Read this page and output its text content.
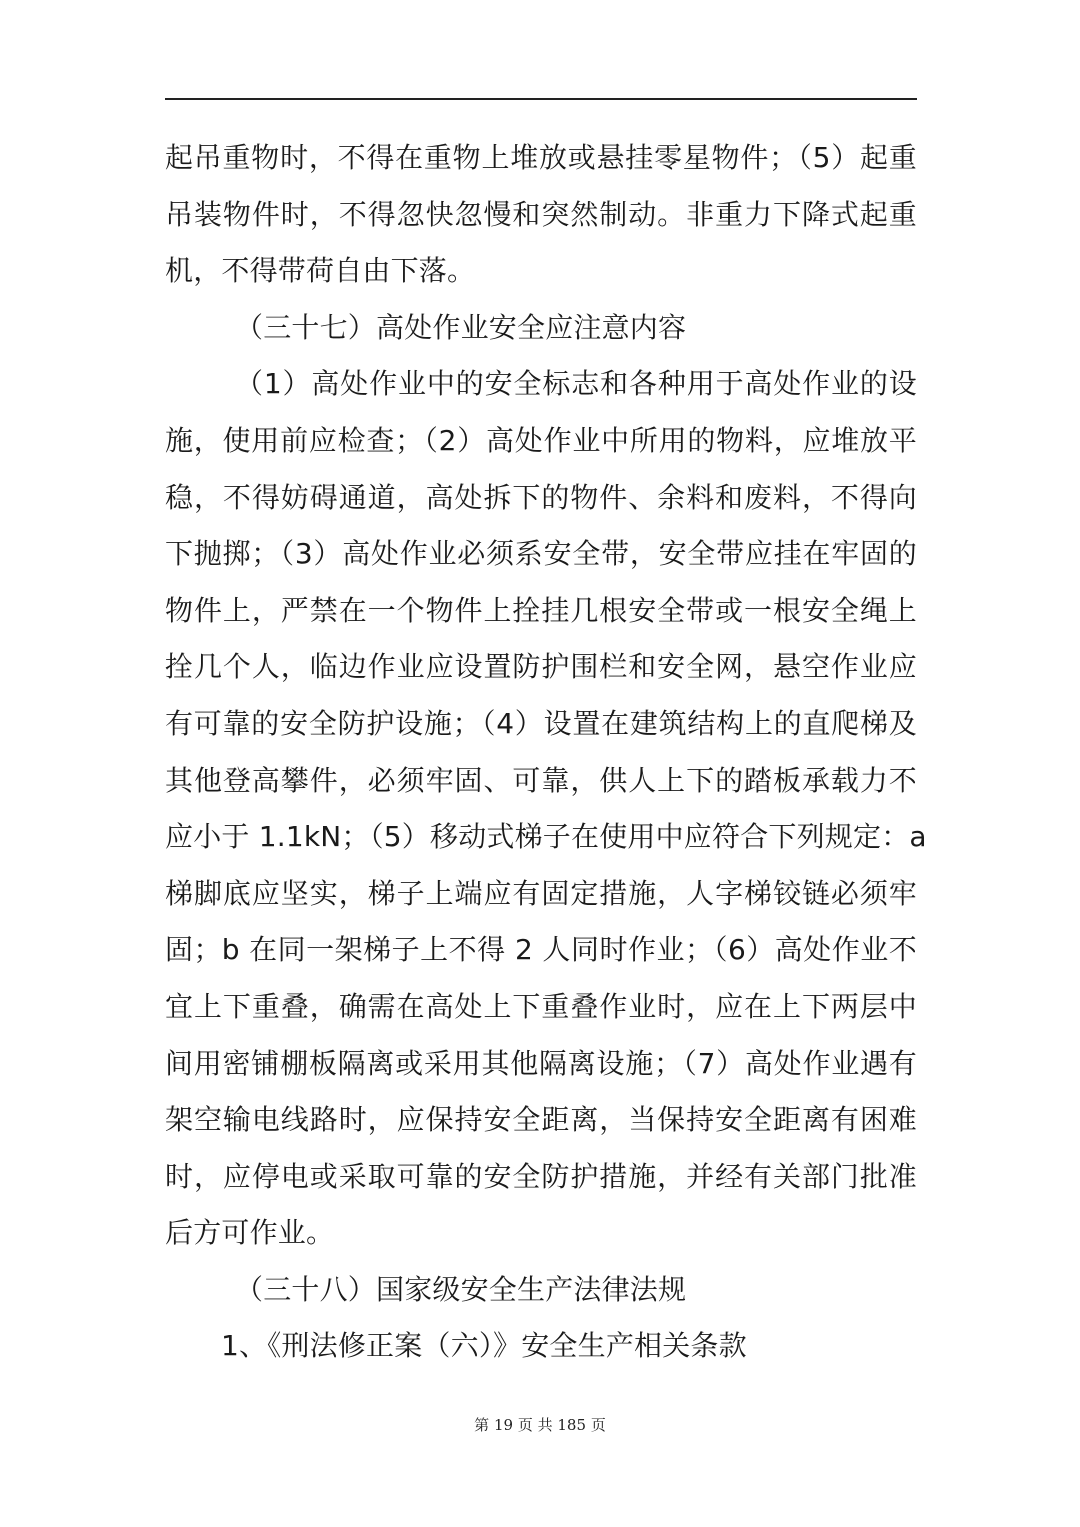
起吊重物时，不得在重物上堆放或悬挂零星物件；（5）起重
吊装物件时，不得忽快忽慢和突然制动。非重力下降式起重
机，不得带荷自由下落。
（三十七）高处作业安全应注意内容
（1）高处作业中的安全标志和各种用于高处作业的设
施，使用前应检查；（2）高处作业中所用的物料，应堆放平
稳，不得妨碍通道，高处拆下的物件、余料和废料，不得向
下抛掷；（3）高处作业必须系安全带，安全带应挂在牢固的
物件上，严禁在一个物件上拴挂几根安全带或一根安全绳上
拴几个人，临边作业应设置防护围栏和安全网，悬空作业应
有可靠的安全防护设施；（4）设置在建筑结构上的直爬梯及
其他登高攀件，必须牢固、可靠，供人上下的踏板承载力不
应小于 1.1kN；（5）移动式梯子在使用中应符合下列规定：a
梯脚底应坚实，梯子上端应有固定措施，人字梯铰链必须牢
固；b 在同一架梯子上不得 2 人同时作业；（6）高处作业不
宜上下重叠，确需在高处上下重叠作业时，应在上下两层中
间用密铺棚板隔离或采用其他隔离设施；（7）高处作业遇有
架空输电线路时，应保持安全距离，当保持安全距离有困难
时，应停电或采取可靠的安全防护措施，并经有关部门批准
后方可作业。
（三十八）国家级安全生产法律法规
1、《刑法修正案（六）》安全生产相关条款
第 19 页 共 185 页
